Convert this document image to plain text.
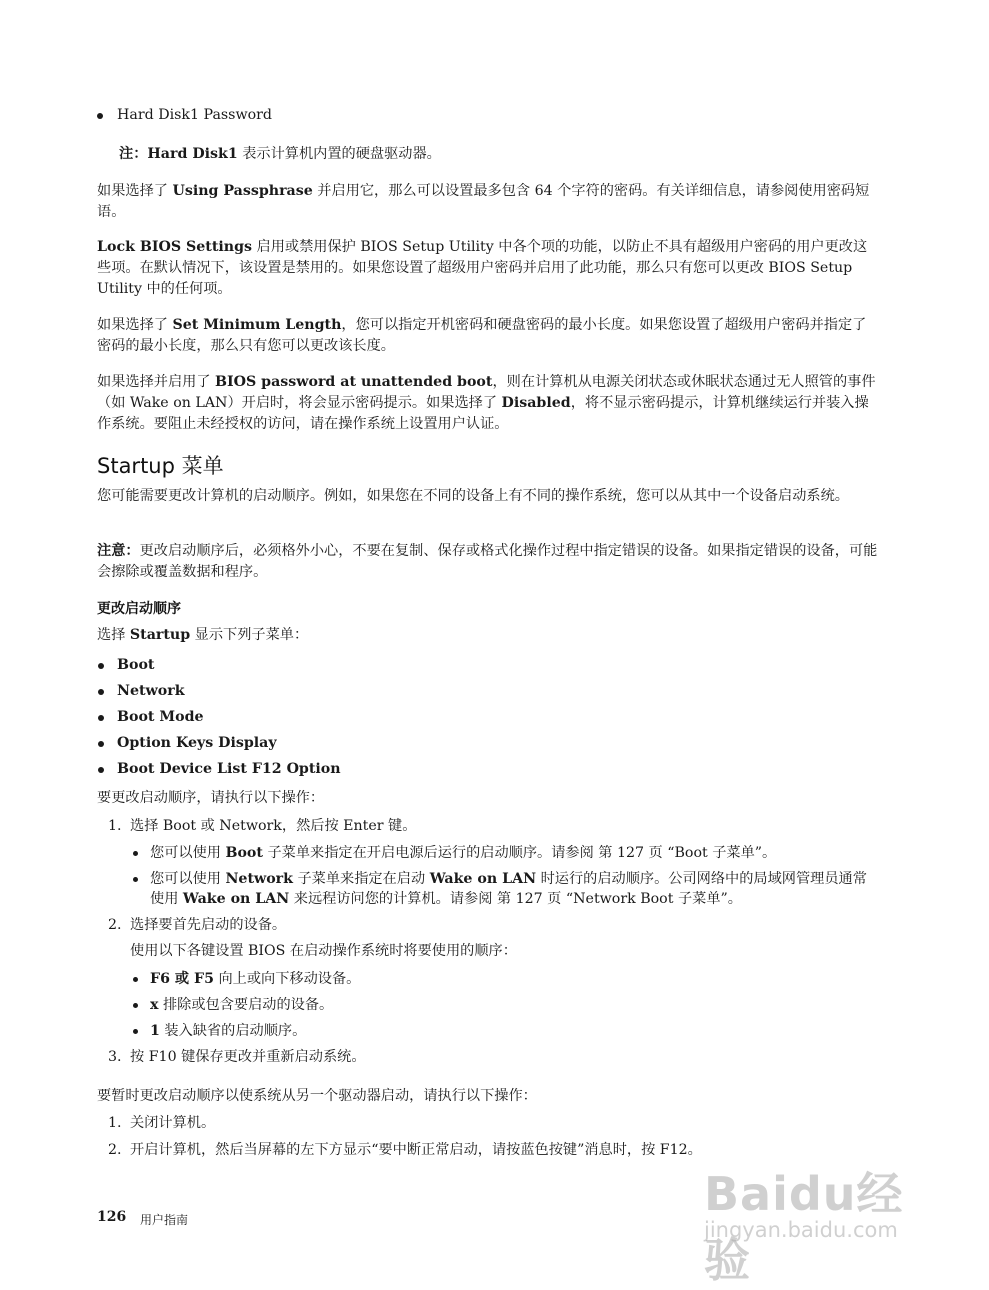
Hard Disk1 Password

注：Hard Disk1 表示计算机内置的硬盘驱动器。

如果选择了 Using Passphrase 并启用它，那么可以设置最多包含 64 个字符的密码。有关详细信息，请参阅使用密码短语。

Lock BIOS Settings 启用或禁用保护 BIOS Setup Utility 中各个项的功能，以防止不具有超级用户密码的用户更改这些项。在默认情况下，该设置是禁用的。如果您设置了超级用户密码并启用了此功能，那么只有您可以更改 BIOS Setup Utility 中的任何项。

如果选择了 Set Minimum Length，您可以指定开机密码和硬盘密码的最小长度。如果您设置了超级用户密码并指定了密码的最小长度，那么只有您可以更改该长度。

如果选择并启用了 BIOS password at unattended boot，则在计算机从电源关闭状态或休眠状态通过无人照管的事件（如 Wake on LAN）开启时，将会显示密码提示。如果选择了 Disabled，将不显示密码提示，计算机继续运行并装入操作系统。要阻止未经授权的访问，请在操作系统上设置用户认证。

Startup 菜单

您可能需要更改计算机的启动顺序。例如，如果您在不同的设备上有不同的操作系统，您可以从其中一个设备启动系统。

注意：更改启动顺序后，必须格外小心，不要在复制、保存或格式化操作过程中指定错误的设备。如果指定错误的设备，可能会擦除或覆盖数据和程序。

更改启动顺序

选择 Startup 显示下列子菜单：

Boot
Network
Boot Mode
Option Keys Display
Boot Device List F12 Option

要更改启动顺序，请执行以下操作：

1. 选择 Boot 或 Network，然后按 Enter 键。
您可以使用 Boot 子菜单来指定在开启电源后运行的启动顺序。请参阅 第 127 页 “Boot 子菜单”。
您可以使用 Network 子菜单来指定在启动 Wake on LAN 时运行的启动顺序。公司网络中的局域网管理员通常使用 Wake on LAN 来远程访问您的计算机。请参阅 第 127 页 “Network Boot 子菜单”。
2. 选择要首先启动的设备。
使用以下各键设置 BIOS 在启动操作系统时将要使用的顺序：
F6 或 F5 向上或向下移动设备。
x 排除或包含要启动的设备。
1 装入缺省的启动顺序。
3. 按 F10 键保存更改并重新启动系统。

要暂时更改启动顺序以使系统从另一个驱动器启动，请执行以下操作：

1. 关闭计算机。
2. 开启计算机，然后当屏幕的左下方显示“要中断正常启动，请按蓝色按键”消息时，按 F12。
126 用户指南	Baidu经验
jingyan.baidu.com
